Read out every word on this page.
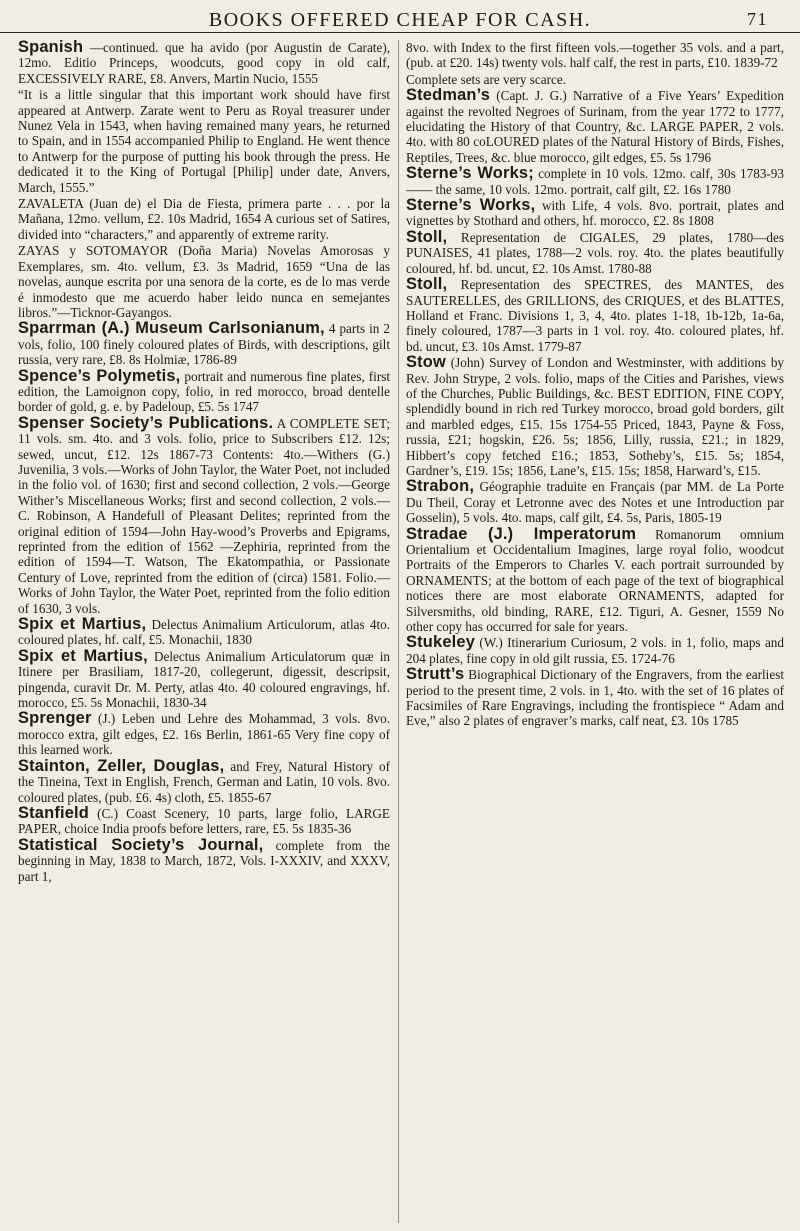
BOOKS OFFERED CHEAP FOR CASH.	71

Spanish —continued. que ha avido (por Augustin de Carate), 12mo. Editio Princeps, woodcuts, good copy in old calf, EXCESSIVELY RARE, £8. Anvers, Martin Nucio, 1555

“It is a little singular that this important work should have first appeared at Antwerp. Zarate went to Peru as Royal treasurer under Nunez Vela in 1543, when having remained many years, he returned to Spain, and in 1554 accompanied Philip to England. He went thence to Antwerp for the purpose of putting his book through the press. He dedicated it to the King of Portugal [Philip] under date, Anvers, March, 1555.”

ZAVALETA (Juan de) el Dia de Fiesta, primera parte . . . por la Mañana, 12mo. vellum, £2. 10s Madrid, 1654 A curious set of Satires, divided into “characters,” and apparently of extreme rarity.

ZAYAS y SOTOMAYOR (Doña Maria) Novelas Amorosas y Exemplares, sm. 4to. vellum, £3. 3s Madrid, 1659 “Una de las novelas, aunque escrita por una senora de la corte, es de lo mas verde é inmodesto que me acuerdo haber leido nunca en semejantes libros.”—Ticknor-Gayangos.

Sparrman (A.) Museum Carlsonianum, 4 parts in 2 vols, folio, 100 finely coloured plates of Birds, with descriptions, gilt russia, very rare, £8. 8s Holmiæ, 1786-89

Spence’s Polymetis, portrait and numerous fine plates, first edition, the Lamoignon copy, folio, in red morocco, broad dentelle border of gold, g. e. by Padeloup, £5. 5s 1747

Spenser Society’s Publications. A COMPLETE SET; 11 vols. sm. 4to. and 3 vols. folio, price to Subscribers £12. 12s; sewed, uncut, £12. 12s 1867-73 Contents: 4to.—Withers (G.) Juvenilia, 3 vols.—Works of John Taylor, the Water Poet, not included in the folio vol. of 1630; first and second collection, 2 vols.—George Wither’s Miscellaneous Works; first and second collection, 2 vols.—C. Robinson, A Handefull of Pleasant Delites; reprinted from the original edition of 1594—John Hay-wood’s Proverbs and Epigrams, reprinted from the edition of 1562 —Zephiria, reprinted from the edition of 1594—T. Watson, The Ekatompathia, or Passionate Century of Love, reprinted from the edition of (circa) 1581. Folio.—Works of John Taylor, the Water Poet, reprinted from the folio edition of 1630, 3 vols.

Spix et Martius, Delectus Animalium Articulorum, atlas 4to. coloured plates, hf. calf, £5. Monachii, 1830

Spix et Martius, Delectus Animalium Articulatorum quæ in Itinere per Brasiliam, 1817-20, collegerunt, digessit, descripsit, pingenda, curavit Dr. M. Perty, atlas 4to. 40 coloured engravings, hf. morocco, £5. 5s Monachii, 1830-34

Sprenger (J.) Leben und Lehre des Mohammad, 3 vols. 8vo. morocco extra, gilt edges, £2. 16s Berlin, 1861-65 Very fine copy of this learned work.

Stainton, Zeller, Douglas, and Frey, Natural History of the Tineina, Text in English, French, German and Latin, 10 vols. 8vo. coloured plates, (pub. £6. 4s) cloth, £5. 1855-67

Stanfield (C.) Coast Scenery, 10 parts, large folio, LARGE PAPER, choice India proofs before letters, rare, £5. 5s 1835-36

Statistical Society’s Journal, complete from the beginning in May, 1838 to March, 1872, Vols. I-XXXIV, and XXXV, part 1,

8vo. with Index to the first fifteen vols.—together 35 vols. and a part, (pub. at £20. 14s) twenty vols. half calf, the rest in parts, £10. 1839-72

Complete sets are very scarce.

Stedman’s (Capt. J. G.) Narrative of a Five Years’ Expedition against the revolted Negroes of Surinam, from the year 1772 to 1777, elucidating the History of that Country, &c. LARGE PAPER, 2 vols. 4to. with 80 coLOURED plates of the Natural History of Birds, Fishes, Reptiles, Trees, &c. blue morocco, gilt edges, £5. 5s 1796

Sterne’s Works; complete in 10 vols. 12mo. calf, 30s 1783-93 —— the same, 10 vols. 12mo. portrait, calf gilt, £2. 16s 1780

Sterne’s Works, with Life, 4 vols. 8vo. portrait, plates and vignettes by Stothard and others, hf. morocco, £2. 8s 1808

Stoll, Representation de CIGALES, 29 plates, 1780—des PUNAISES, 41 plates, 1788—2 vols. roy. 4to. the plates beautifully coloured, hf. bd. uncut, £2. 10s Amst. 1780-88

Stoll, Representation des SPECTRES, des MANTES, des SAUTERELLES, des GRILLIONS, des CRIQUES, et des BLATTES, Holland et Franc. Divisions 1, 3, 4, 4to. plates 1-18, 1b-12b, 1a-6a, finely coloured, 1787—3 parts in 1 vol. roy. 4to. coloured plates, hf. bd. uncut, £3. 10s Amst. 1779-87

Stow (John) Survey of London and Westminster, with additions by Rev. John Strype, 2 vols. folio, maps of the Cities and Parishes, views of the Churches, Public Buildings, &c. BEST EDITION, FINE COPY, splendidly bound in rich red Turkey morocco, broad gold borders, gilt and marbled edges, £15. 15s 1754-55 Priced, 1843, Payne & Foss, russia, £21; hogskin, £26. 5s; 1856, Lilly, russia, £21.; in 1829, Hibbert’s copy fetched £16.; 1853, Sotheby’s, £15. 5s; 1854, Gardner’s, £19. 15s; 1856, Lane’s, £15. 15s; 1858, Harward’s, £15.

Strabon, Géographie traduite en Français (par MM. de La Porte Du Theil, Coray et Letronne avec des Notes et une Introduction par Gosselin), 5 vols. 4to. maps, calf gilt, £4. 5s, Paris, 1805-19

Stradae (J.) Imperatorum Romanorum omnium Orientalium et Occidentalium Imagines, large royal folio, woodcut Portraits of the Emperors to Charles V. each portrait surrounded by ORNAMENTS; at the bottom of each page of the text of biographical notices there are most elaborate ORNAMENTS, adapted for Silversmiths, old binding, RARE, £12. Tiguri, A. Gesner, 1559 No other copy has occurred for sale for years.

Stukeley (W.) Itinerarium Curiosum, 2 vols. in 1, folio, maps and 204 plates, fine copy in old gilt russia, £5. 1724-76

Strutt’s Biographical Dictionary of the Engravers, from the earliest period to the present time, 2 vols. in 1, 4to. with the set of 16 plates of Facsimiles of Rare Engravings, including the frontispiece “ Adam and Eve,” also 2 plates of engraver’s marks, calf neat, £3. 10s 1785
